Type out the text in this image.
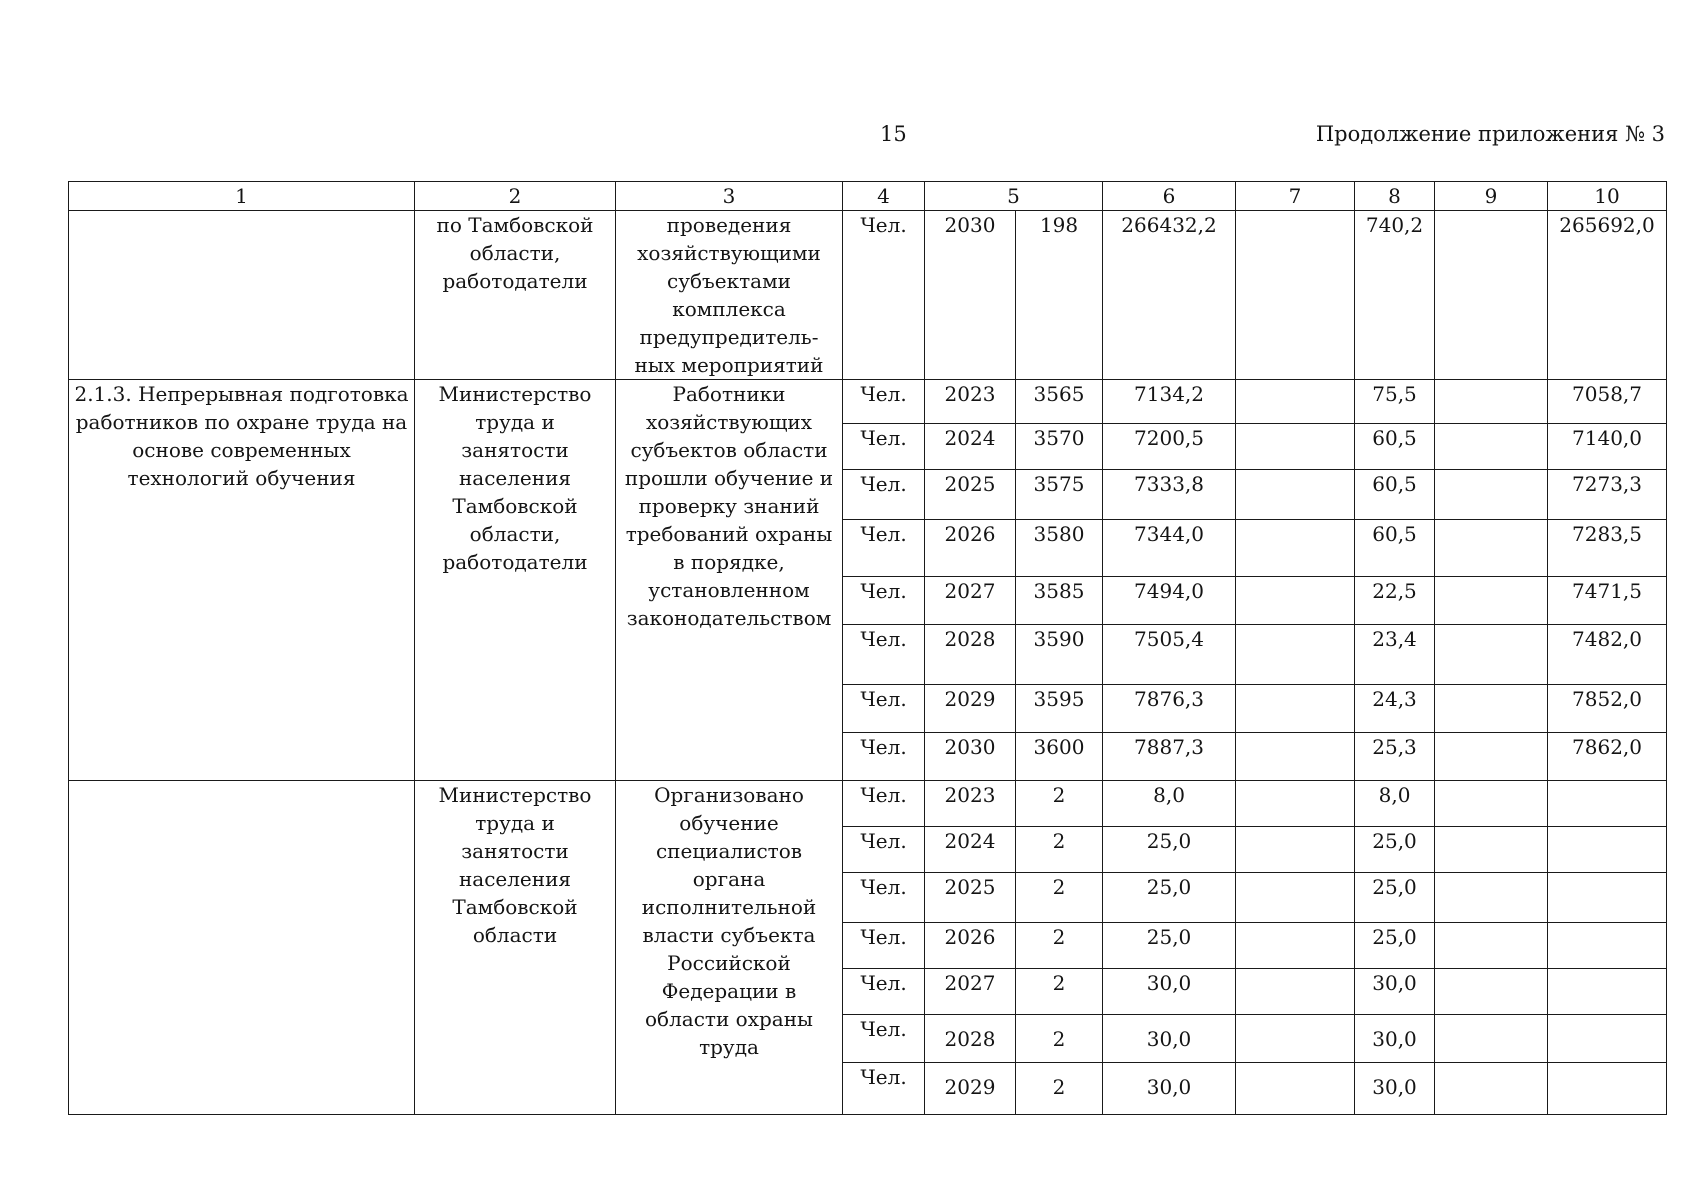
15	Продолжение приложения № 3
1	2	3	4	5		6	7	8	9	10
	по Тамбовской области, работодатели	проведения хозяйствующими субъектами комплекса предупредитель-ных мероприятий	Чел.	2030	198	266432,2		740,2		265692,0
2.1.3. Непрерывная подготовка работников по охране труда на основе современных технологий обучения	Министерство труда и занятости населения Тамбовской области, работодатели	Работники хозяйствующих субъектов области прошли обучение и проверку знаний требований охраны в порядке, установленном законодательством	Чел.	2023	3565	7134,2		75,5		7058,7
			Чел.	2024	3570	7200,5		60,5		7140,0
			Чел.	2025	3575	7333,8		60,5		7273,3
			Чел.	2026	3580	7344,0		60,5		7283,5
			Чел.	2027	3585	7494,0		22,5		7471,5
			Чел.	2028	3590	7505,4		23,4		7482,0
			Чел.	2029	3595	7876,3		24,3		7852,0
			Чел.	2030	3600	7887,3		25,3		7862,0
	Министерство труда и занятости населения Тамбовской области	Организовано обучение специалистов органа исполнительной власти субъекта Российской Федерации в области охраны труда	Чел.	2023	2	8,0		8,0		
			Чел.	2024	2	25,0		25,0		
			Чел.	2025	2	25,0		25,0		
			Чел.	2026	2	25,0		25,0		
			Чел.	2027	2	30,0		30,0		
			Чел.	2028	2	30,0		30,0		
			Чел.	2029	2	30,0		30,0		
